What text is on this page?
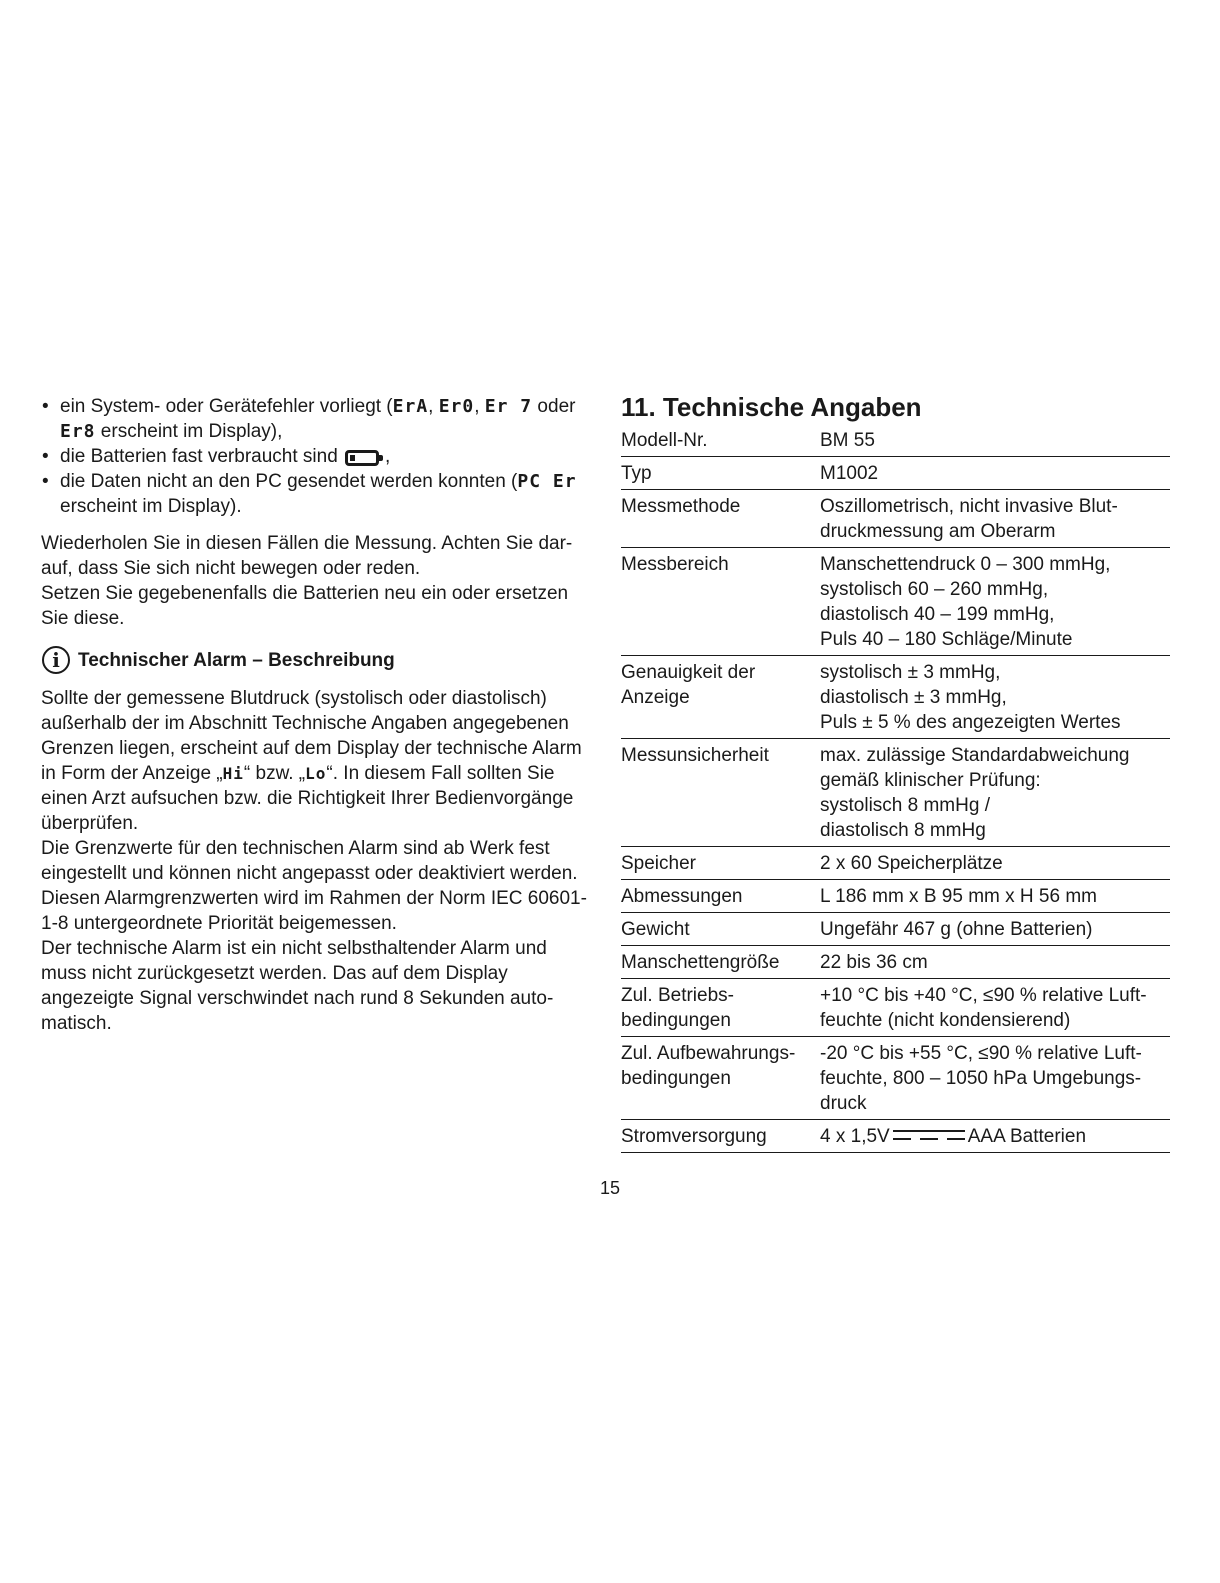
• ein System- oder Gerätefehler vorliegt (ErA, Er0, Er 7 oder
Er8 erscheint im Display),
• die Batterien fast verbraucht sind ,
• die Daten nicht an den PC gesendet werden konnten (PC Er
erscheint im Display).

Wiederholen Sie in diesen Fällen die Messung. Achten Sie darauf, dass Sie sich nicht bewegen oder reden.

Setzen Sie gegebenenfalls die Batterien neu ein oder ersetzen Sie diese.

i Technischer Alarm – Beschreibung

Sollte der gemessene Blutdruck (systolisch oder diastolisch) außerhalb der im Abschnitt Technische Angaben angegebenen Grenzen liegen, erscheint auf dem Display der technische Alarm in Form der Anzeige „Hi“ bzw. „Lo“. In diesem Fall sollten Sie einen Arzt aufsuchen bzw. die Richtigkeit Ihrer Bedienvorgänge überprüfen.

Die Grenzwerte für den technischen Alarm sind ab Werk fest eingestellt und können nicht angepasst oder deaktiviert werden. Diesen Alarmgrenzwerten wird im Rahmen der Norm IEC 60601-1-8 untergeordnete Priorität beigemessen.

Der technische Alarm ist ein nicht selbsthaltender Alarm und muss nicht zurückgesetzt werden. Das auf dem Display angezeigte Signal verschwindet nach rund 8 Sekunden automatisch.

11. Technische Angaben
Modell-Nr.	BM 55

Typ	M1002

Messmethode	Oszillometrisch, nicht invasive Blutdruckmessung am Oberarm

Messbereich	Manschettendruck 0 – 300 mmHg,
systolisch 60 – 260 mmHg,
diastolisch 40 – 199 mmHg,
Puls 40 – 180 Schläge/Minute

Genauigkeit der Anzeige	systolisch ± 3 mmHg,
diastolisch ± 3 mmHg,
Puls ± 5 % des angezeigten Wertes

Messunsicherheit	max. zulässige Standardabweichung
gemäß klinischer Prüfung:
systolisch 8 mmHg /
diastolisch 8 mmHg

Speicher	2 x 60 Speicherplätze

Abmessungen	L 186 mm x B 95 mm x H 56 mm

Gewicht	Ungefähr 467 g (ohne Batterien)

Manschettengröße	22 bis 36 cm

Zul. Betriebsbedingungen	+10 °C bis +40 °C, ≤90 % relative Luftfeuchte (nicht kondensierend)

Zul. Aufbewahrungsbedingungen	-20 °C bis +55 °C, ≤90 % relative Luftfeuchte, 800 – 1050 hPa Umgebungsdruck

Stromversorgung	4 x 1,5V AAA Batterien
15
